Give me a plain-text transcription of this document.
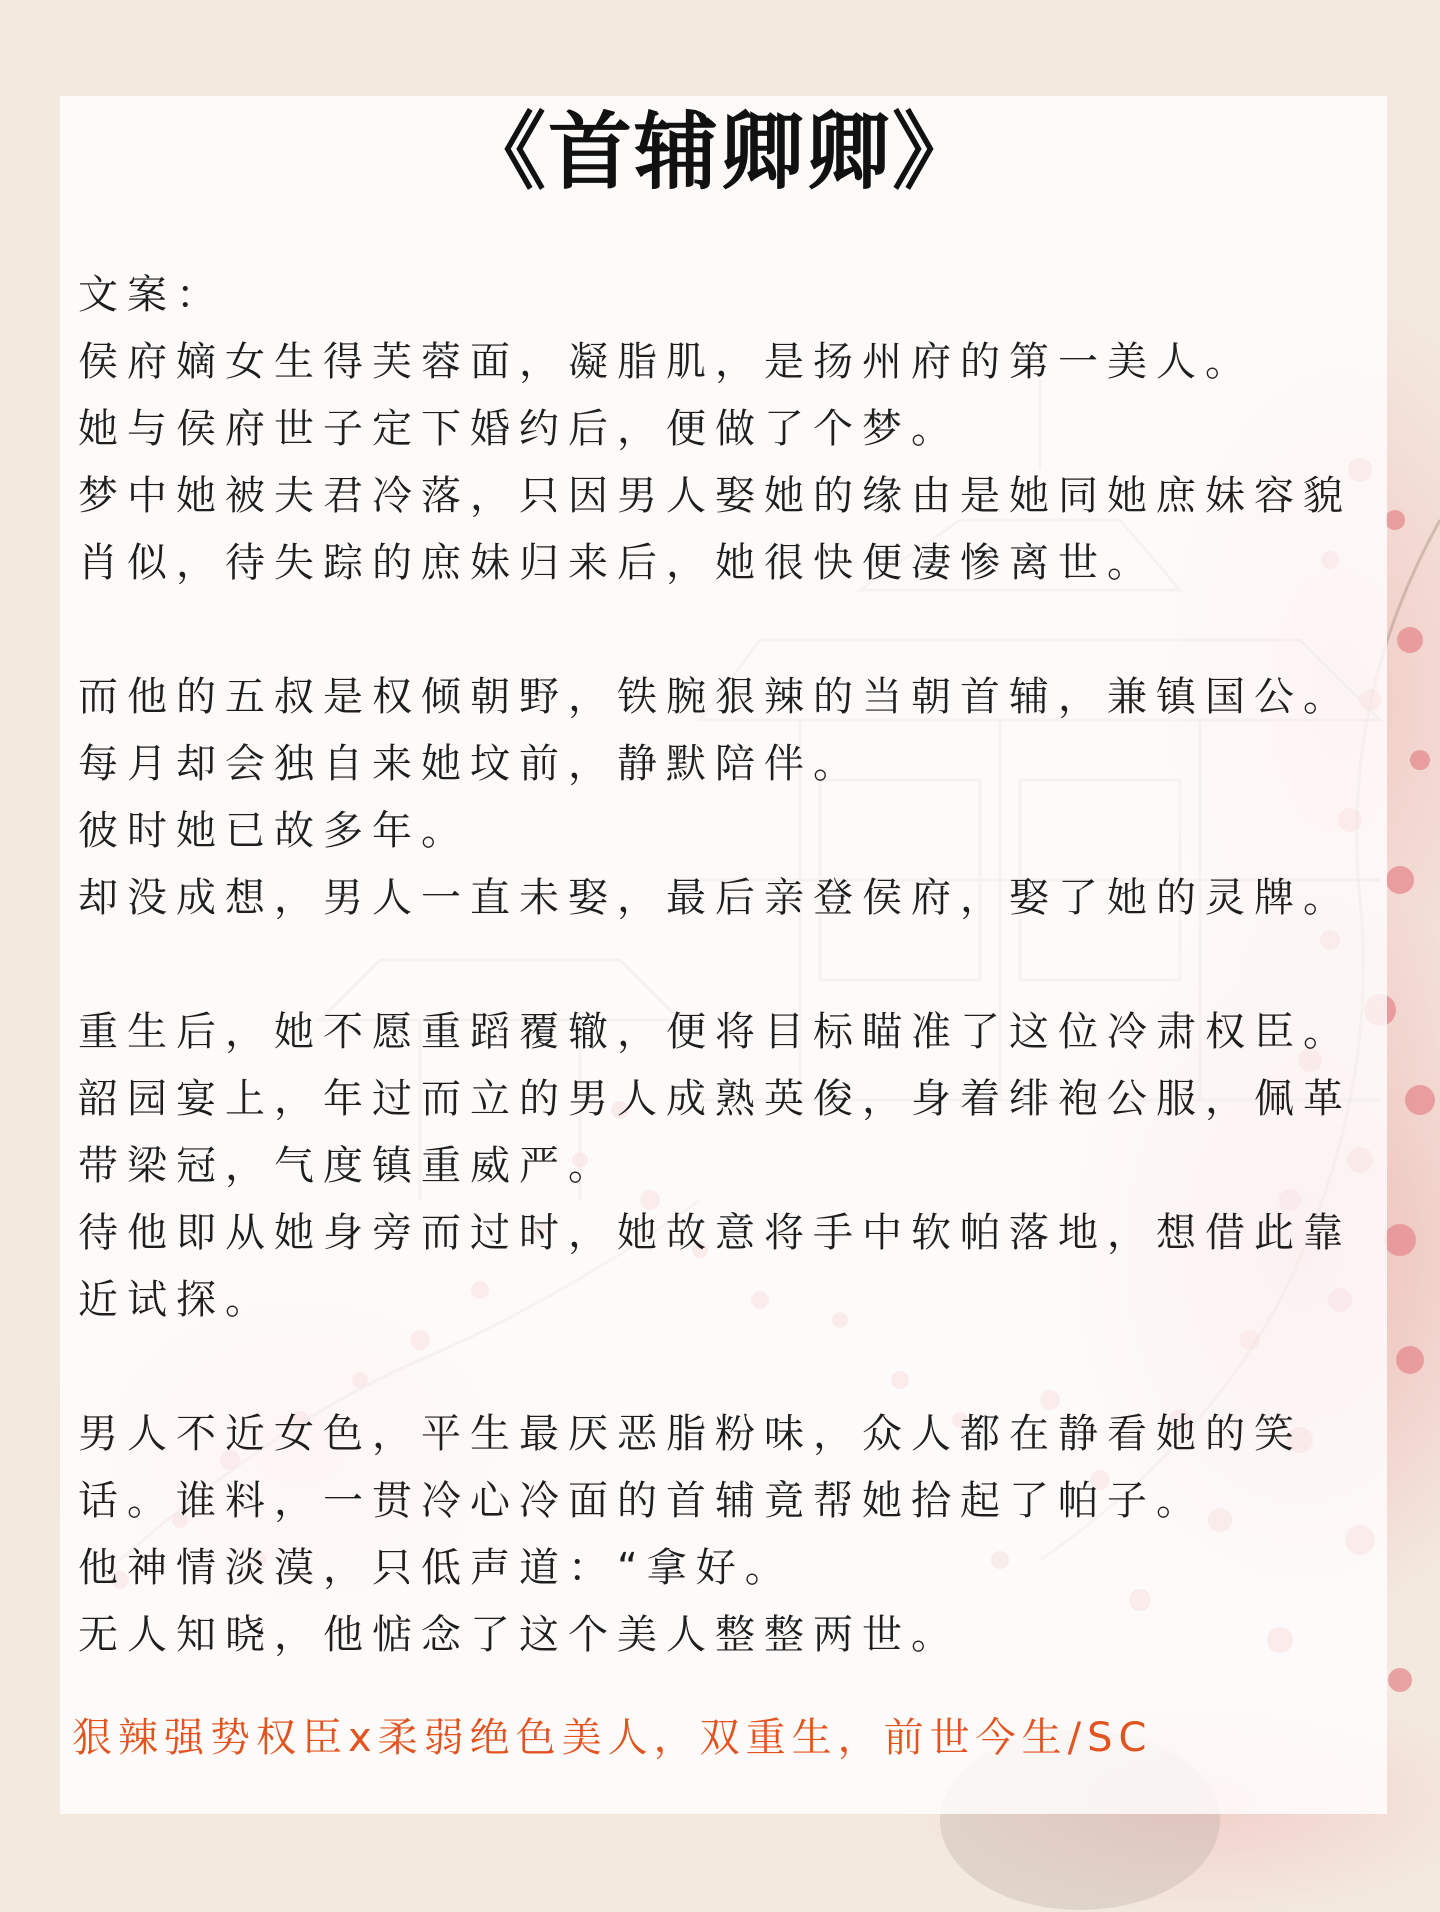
《首辅卿卿》
文案：
侯府嫡女生得芙蓉面，凝脂肌，是扬州府的第一美人。
她与侯府世子定下婚约后，便做了个梦。
梦中她被夫君冷落，只因男人娶她的缘由是她同她庶妹容貌
肖似，待失踪的庶妹归来后，她很快便凄惨离世。
而他的五叔是权倾朝野，铁腕狠辣的当朝首辅，兼镇国公。
每月却会独自来她坟前，静默陪伴。
彼时她已故多年。
却没成想，男人一直未娶，最后亲登侯府，娶了她的灵牌。
重生后，她不愿重蹈覆辙，便将目标瞄准了这位冷肃权臣。
韶园宴上，年过而立的男人成熟英俊，身着绯袍公服，佩革
带梁冠，气度镇重威严。
待他即从她身旁而过时，她故意将手中软帕落地，想借此靠
近试探。
男人不近女色，平生最厌恶脂粉味，众人都在静看她的笑
话。谁料，一贯冷心冷面的首辅竟帮她拾起了帕子。
他神情淡漠，只低声道：“拿好。
无人知晓，他惦念了这个美人整整两世。
狠辣强势权臣x柔弱绝色美人，双重生，前世今生/SC
